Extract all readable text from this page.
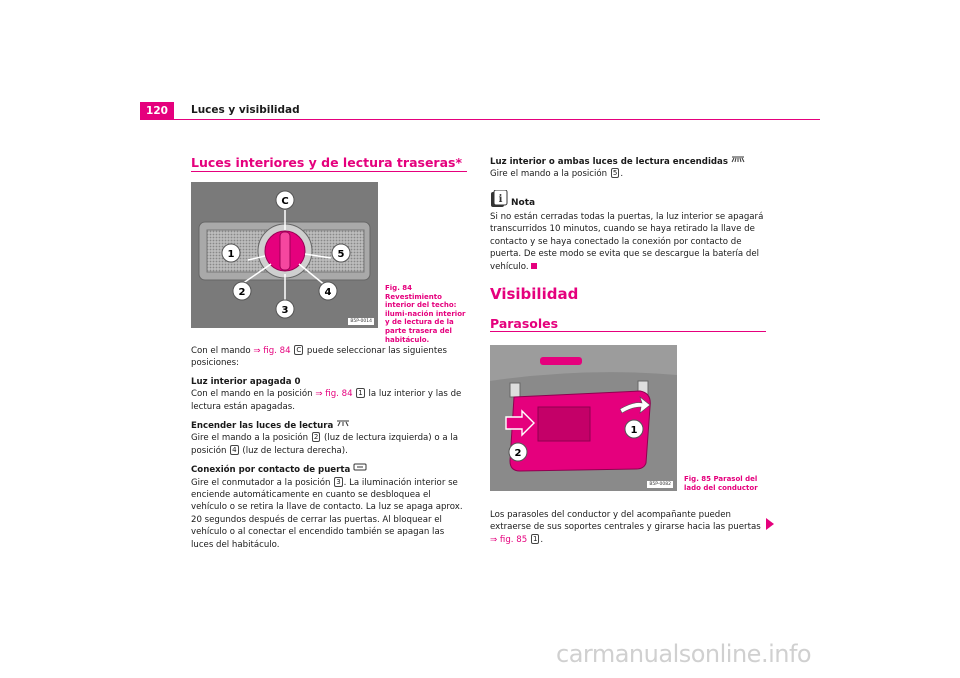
120	Luces y visibilidad
Luces interiores y de lectura traseras*
C
1	5
2
3
4
B5P-0014
Fig. 84 Revestimiento interior del techo: ilumi-nación interior y de lectura de la parte trasera del habitáculo.

Con el mando ⇒ fig. 84 C puede seleccionar las siguientes posiciones:

Luz interior apagada 0

Con el mando en la posición ⇒ fig. 84 1 la luz interior y las de lectura están apagadas.

Encender las luces de lectura

Gire el mando a la posición 2 (luz de lectura izquierda) o a la posición 4 (luz de lectura derecha).

Conexión por contacto de puerta

Gire el conmutador a la posición 3 . La iluminación interior se enciende automáticamente en cuanto se desbloquea el vehículo o se retira la llave de contacto. La luz se apaga aprox. 20 segundos después de cerrar las puertas. Al bloquear el vehículo o al conectar el encendido también se apagan las luces del habitáculo.

Luz interior o ambas luces de lectura encendidas

Gire el mando a la posición 5 .

i Nota

Si no están cerradas todas la puertas, la luz interior se apagará transcurridos 10 minutos, cuando se haya retirado la llave de contacto y se haya conectado la conexión por contacto de puerta. De este modo se evita que se descargue la batería del vehículo.

Visibilidad
Parasoles
1
2
B5P-0082
Fig. 85 Parasol del lado del conductor

Los parasoles del conductor y del acompañante pueden extraerse de sus soportes centrales y girarse hacia las puertas ⇒ fig. 85 1 .

carmanualsonline.info
